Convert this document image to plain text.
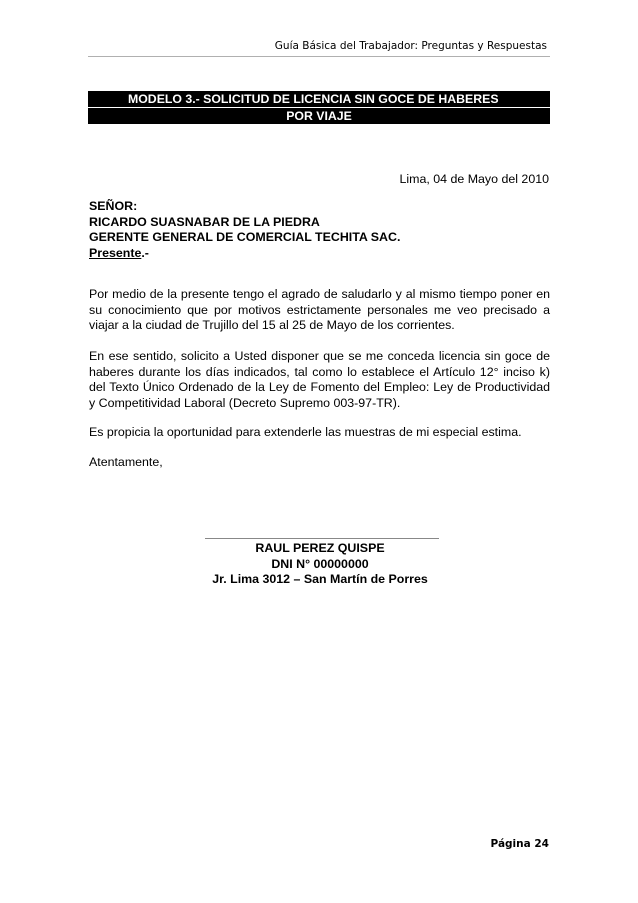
Guía Básica del Trabajador: Preguntas y Respuestas
MODELO 3.- SOLICITUD DE LICENCIA SIN GOCE DE HABERES
POR VIAJE
Lima, 04 de Mayo del 2010
SEÑOR:
RICARDO SUASNABAR DE LA PIEDRA
GERENTE GENERAL DE COMERCIAL TECHITA SAC.
Presente.-
Por medio de la presente tengo el agrado de saludarlo y al mismo tiempo poner en su conocimiento que por motivos estrictamente personales me veo precisado a viajar a la ciudad de Trujillo del 15 al 25 de Mayo de los corrientes.
En ese sentido, solicito a Usted disponer que se me conceda licencia sin goce de haberes durante los días indicados, tal como lo establece el Artículo 12° inciso k) del Texto Único Ordenado de la Ley de Fomento del Empleo: Ley de Productividad y Competitividad Laboral (Decreto Supremo 003-97-TR).
Es propicia la oportunidad para extenderle las muestras de mi especial estima.
Atentamente,
RAUL PEREZ QUISPE
DNI N° 00000000
Jr. Lima 3012 – San Martín de Porres
Página 24
